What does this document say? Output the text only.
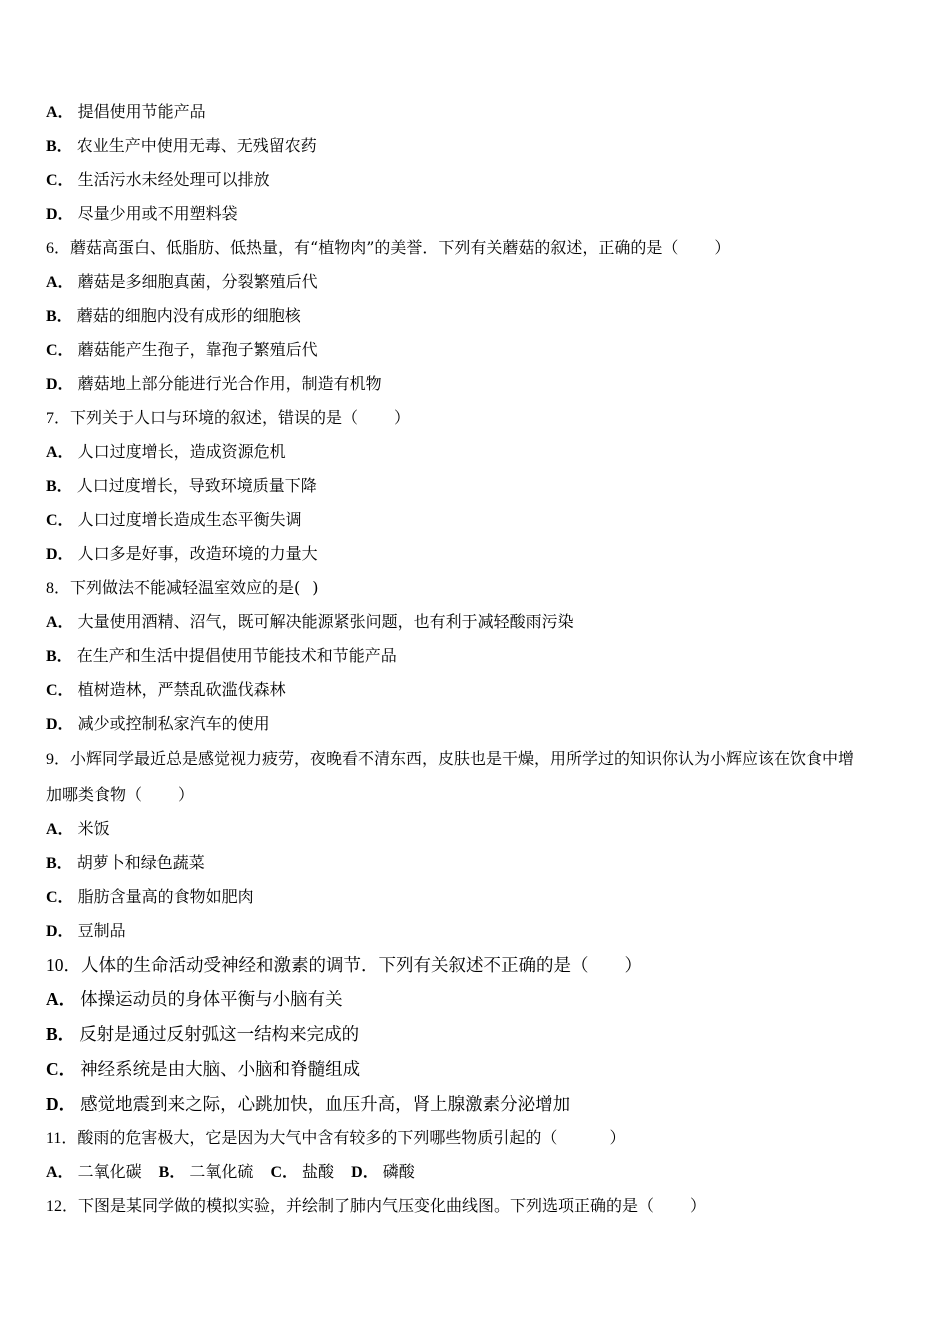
A． 提倡使用节能产品
B． 农业生产中使用无毒、无残留农药
C． 生活污水未经处理可以排放
D． 尽量少用或不用塑料袋
6．蘑菇高蛋白、低脂肪、低热量，有“植物肉”的美誉．下列有关蘑菇的叙述，正确的是（ ）
A． 蘑菇是多细胞真菌，分裂繁殖后代
B． 蘑菇的细胞内没有成形的细胞核
C． 蘑菇能产生孢子，靠孢子繁殖后代
D． 蘑菇地上部分能进行光合作用，制造有机物
7．下列关于人口与环境的叙述，错误的是（ ）
A． 人口过度增长，造成资源危机
B． 人口过度增长，导致环境质量下降
C． 人口过度增长造成生态平衡失调
D． 人口多是好事，改造环境的力量大
8．下列做法不能减轻温室效应的是( )
A． 大量使用酒精、沼气，既可解决能源紧张问题，也有利于减轻酸雨污染
B． 在生产和生活中提倡使用节能技术和节能产品
C． 植树造林，严禁乱砍滥伐森林
D． 减少或控制私家汽车的使用
9．小辉同学最近总是感觉视力疲劳，夜晚看不清东西，皮肤也是干燥，用所学过的知识你认为小辉应该在饮食中增
加哪类食物（ ）
A． 米饭
B． 胡萝卜和绿色蔬菜
C． 脂肪含量高的食物如肥肉
D． 豆制品
10．人体的生命活动受神经和激素的调节．下列有关叙述不正确的是（ ）
A． 体操运动员的身体平衡与小脑有关
B． 反射是通过反射弧这一结构来完成的
C． 神经系统是由大脑、小脑和脊髓组成
D． 感觉地震到来之际，心跳加快，血压升高，肾上腺激素分泌增加
11．酸雨的危害极大，它是因为大气中含有较多的下列哪些物质引起的（	）
A． 二氧化碳 B． 二氧化硫 C． 盐酸 D． 磷酸
12．下图是某同学做的模拟实验，并绘制了肺内气压变化曲线图。下列选项正确的是（ ）
